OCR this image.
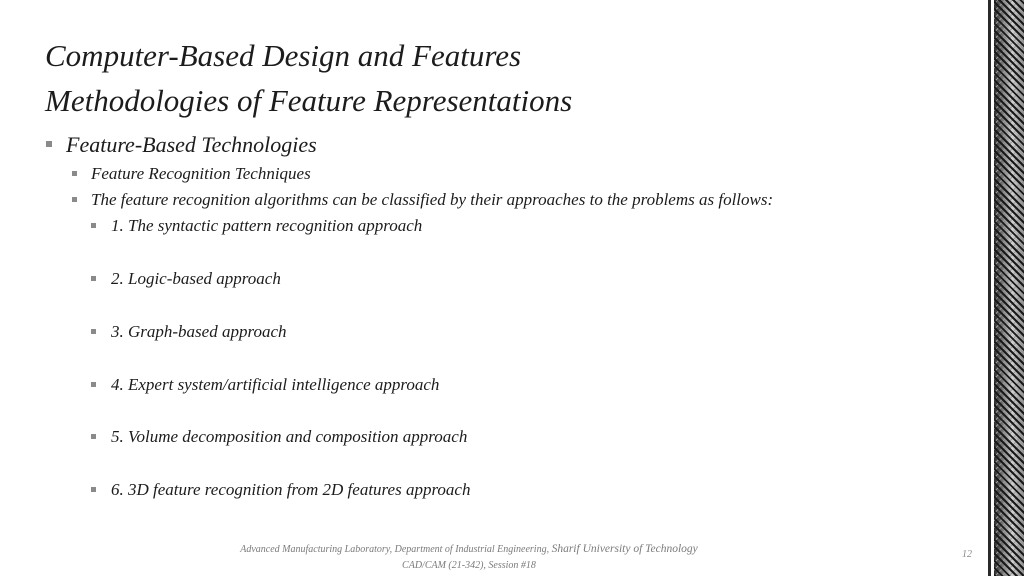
Computer-Based Design and Features
Methodologies of Feature Representations
Feature-Based Technologies
Feature Recognition Techniques
The feature recognition algorithms can be classified by their approaches to the problems as follows:
1. The syntactic pattern recognition approach
2. Logic-based approach
3. Graph-based approach
4. Expert system/artificial intelligence approach
5. Volume decomposition and composition approach
6. 3D feature recognition from 2D features approach
Advanced Manufacturing Laboratory, Department of Industrial Engineering, Sharif University of Technology
CAD/CAM (21-342), Session #18
12
